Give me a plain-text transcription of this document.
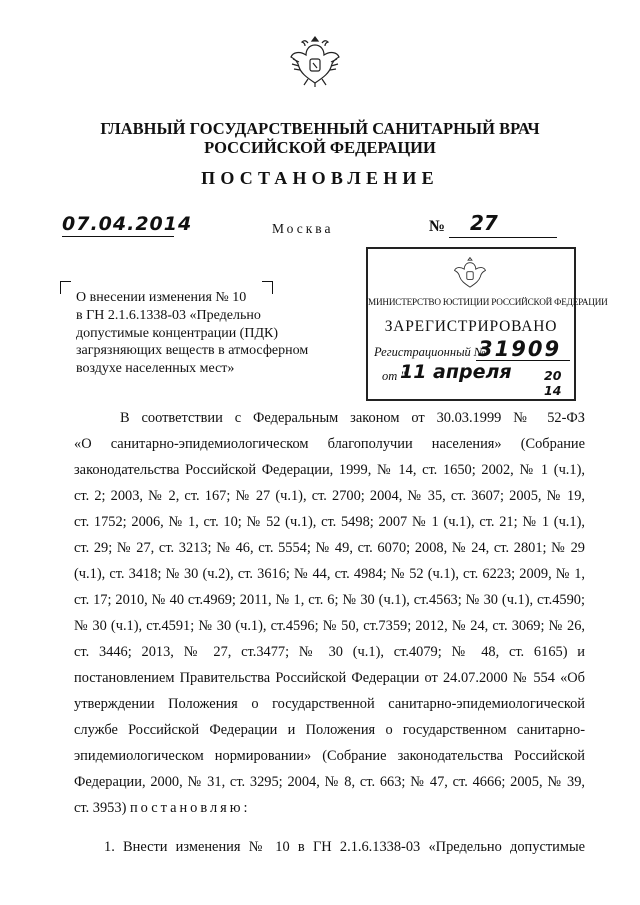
ГЛАВНЫЙ ГОСУДАРСТВЕННЫЙ САНИТАРНЫЙ ВРАЧ
РОССИЙСКОЙ ФЕДЕРАЦИИ
ПОСТАНОВЛЕНИЕ
07.04.2014	Москва	№ 27
О внесении изменения № 10
в ГН 2.1.6.1338-03 «Предельно
допустимые концентрации (ПДК)
загрязняющих веществ в атмосферном
воздухе населенных мест»
МИНИСТЕРСТВО ЮСТИЦИИ РОССИЙСКОЙ ФЕДЕРАЦИИ
ЗАРЕГИСТРИРОВАНО
Регистрационный №
31909
от "
11 апреля	20 14
В соответствии с Федеральным законом от 30.03.1999 № 52-ФЗ
«О санитарно-эпидемиологическом благополучии населения» (Собрание
законодательства Российской Федерации, 1999, № 14, ст. 1650; 2002, № 1 (ч.1),
ст. 2; 2003, № 2, ст. 167; № 27 (ч.1), ст. 2700; 2004, № 35, ст. 3607; 2005, № 19,
ст. 1752; 2006, № 1, ст. 10; № 52 (ч.1), ст. 5498; 2007 № 1 (ч.1), ст. 21; № 1 (ч.1),
ст. 29; № 27, ст. 3213; № 46, ст. 5554; № 49, ст. 6070; 2008, № 24, ст. 2801; № 29
(ч.1), ст. 3418; № 30 (ч.2), ст. 3616; № 44, ст. 4984; № 52 (ч.1), ст. 6223; 2009, № 1,
ст. 17; 2010, № 40 ст.4969; 2011, № 1, ст. 6; № 30 (ч.1), ст.4563; № 30 (ч.1), ст.4590;
№ 30 (ч.1), ст.4591; № 30 (ч.1), ст.4596; № 50, ст.7359; 2012, № 24, ст. 3069; № 26,
ст. 3446; 2013, № 27, ст.3477; № 30 (ч.1), ст.4079; № 48, ст. 6165) и
постановлением Правительства Российской Федерации от 24.07.2000 № 554 «Об
утверждении Положения о государственной санитарно-эпидемиологической
службе Российской Федерации и Положения о государственном санитарно-
эпидемиологическом нормировании» (Собрание законодательства Российской
Федерации, 2000, № 31, ст. 3295; 2004, № 8, ст. 663; № 47, ст. 4666; 2005, № 39,
ст. 3953) постановляю:
1. Внести изменения № 10 в ГН 2.1.6.1338-03 «Предельно допустимые
